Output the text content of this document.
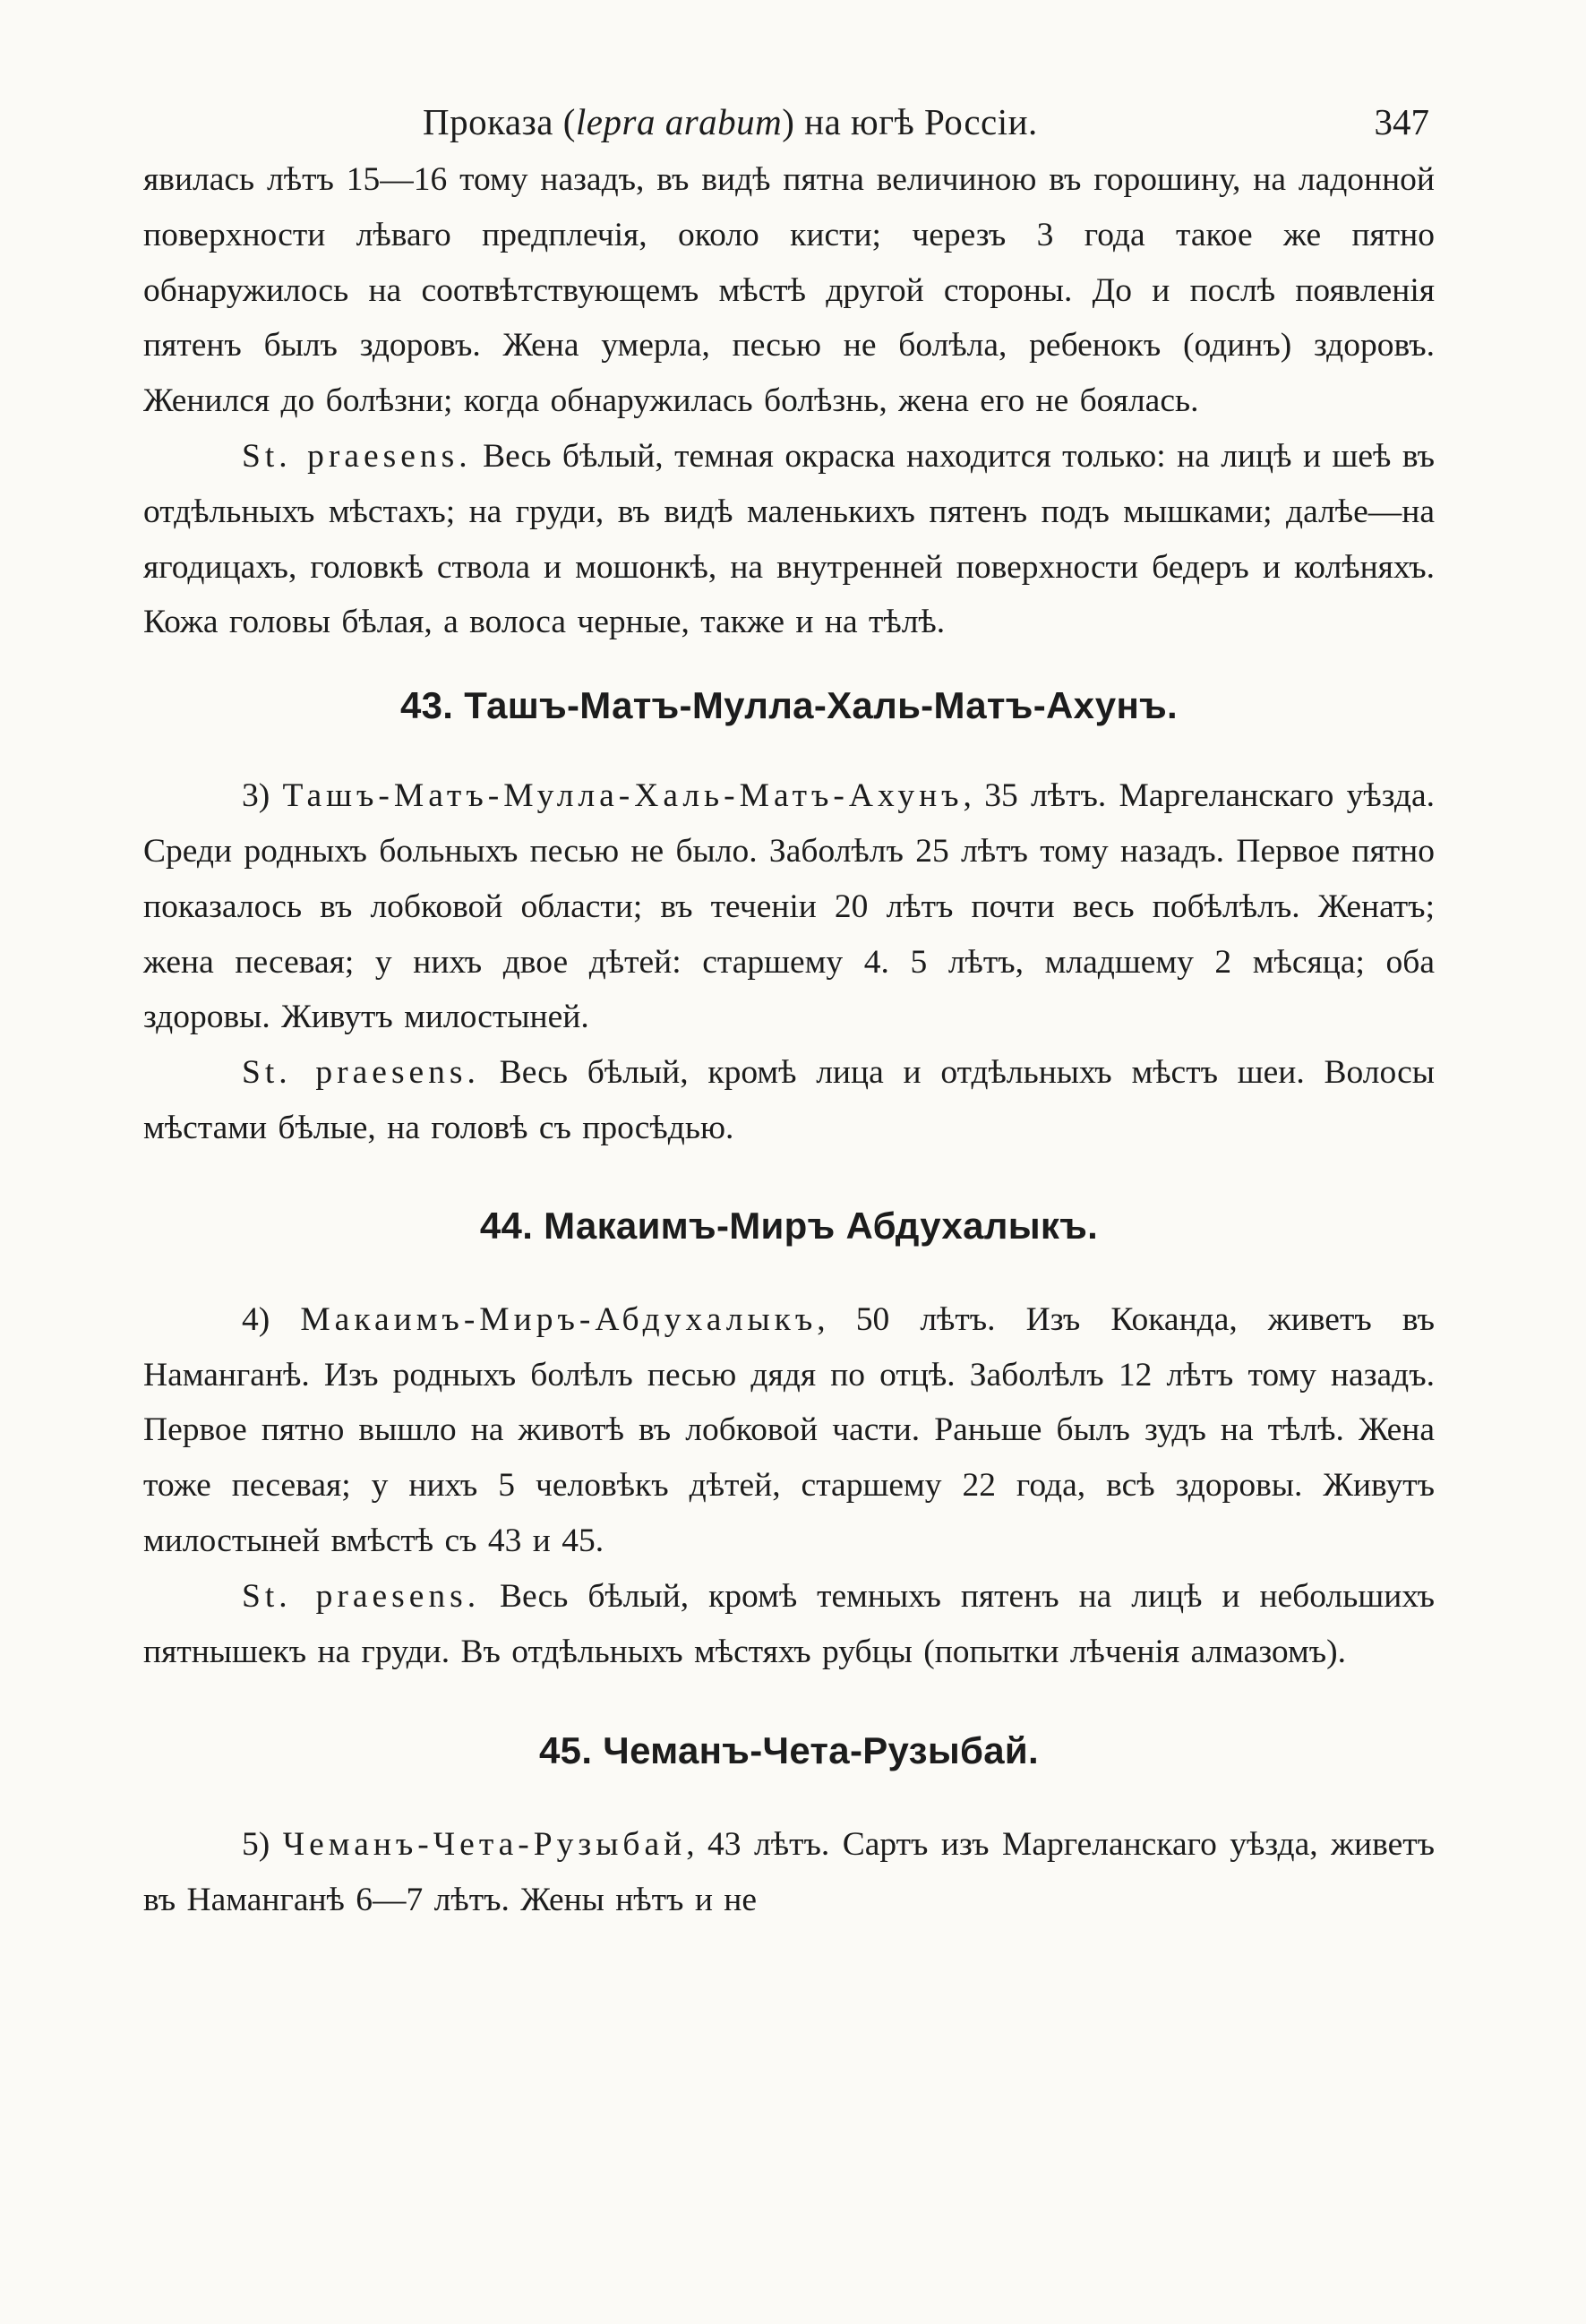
Проказа (lepra arabum) на югѣ Россіи.	347

явилась лѣтъ 15—16 тому назадъ, въ видѣ пятна величиною въ горошину, на ладонной поверхности лѣваго предплечія, около кисти; черезъ 3 года такое же пятно обнаружилось на соотвѣтствующемъ мѣстѣ другой стороны. До и послѣ появленія пятенъ былъ здоровъ. Жена умерла, песью не болѣла, ребенокъ (одинъ) здоровъ. Женился до болѣзни; когда обнаружилась болѣзнь, жена его не боялась.

St. praesens. Весь бѣлый, темная окраска находится только: на лицѣ и шеѣ въ отдѣльныхъ мѣстахъ; на груди, въ видѣ маленькихъ пятенъ подъ мышками; далѣе—на ягодицахъ, головкѣ ствола и мошонкѣ, на внутренней поверхности бедеръ и колѣняхъ. Кожа головы бѣлая, а волоса черные, также и на тѣлѣ.

43. Ташъ-Матъ-Мулла-Халь-Матъ-Ахунъ.

3) Ташъ-Матъ-Мулла-Халь-Матъ-Ахунъ, 35 лѣтъ. Маргеланскаго уѣзда. Среди родныхъ больныхъ песью не было. Заболѣлъ 25 лѣтъ тому назадъ. Первое пятно показалось въ лобковой области; въ теченіи 20 лѣтъ почти весь побѣлѣлъ. Женатъ; жена песевая; у нихъ двое дѣтей: старшему 4. 5 лѣтъ, младшему 2 мѣсяца; оба здоровы. Живутъ милостыней.

St. praesens. Весь бѣлый, кромѣ лица и отдѣльныхъ мѣстъ шеи. Волосы мѣстами бѣлые, на головѣ съ просѣдью.

44. Макаимъ-Миръ Абдухалыкъ.

4) Макаимъ-Миръ-Абдухалыкъ, 50 лѣтъ. Изъ Коканда, живетъ въ Наманганѣ. Изъ родныхъ болѣлъ песью дядя по отцѣ. Заболѣлъ 12 лѣтъ тому назадъ. Первое пятно вышло на животѣ въ лобковой части. Раньше былъ зудъ на тѣлѣ. Жена тоже песевая; у нихъ 5 человѣкъ дѣтей, старшему 22 года, всѣ здоровы. Живутъ милостыней вмѣстѣ съ 43 и 45.

St. praesens. Весь бѣлый, кромѣ темныхъ пятенъ на лицѣ и небольшихъ пятнышекъ на груди. Въ отдѣльныхъ мѣстяхъ рубцы (попытки лѣченія алмазомъ).

45. Чеманъ-Чета-Рузыбай.

5) Чеманъ-Чета-Рузыбай, 43 лѣтъ. Сартъ изъ Маргеланскаго уѣзда, живетъ въ Наманганѣ 6—7 лѣтъ. Жены нѣтъ и не
